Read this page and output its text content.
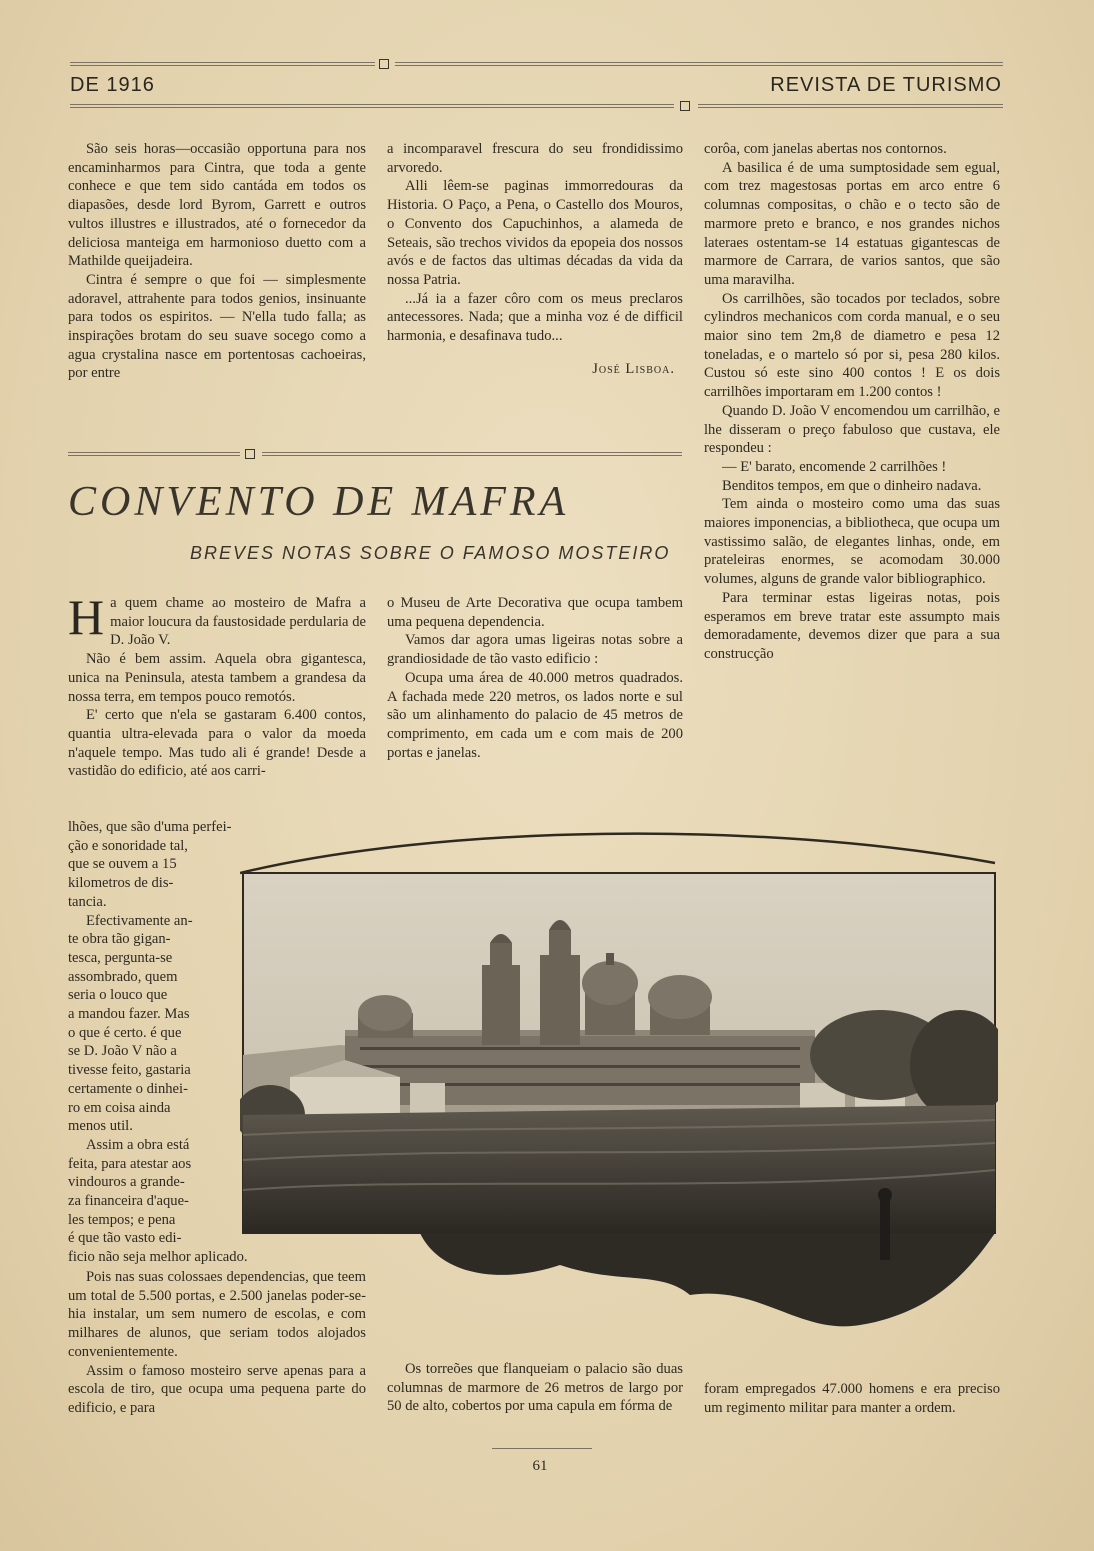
DE 1916	REVISTA DE TURISMO

São seis horas—occasião opportuna para nos encaminharmos para Cintra, que toda a gente conhece e que tem sido cantáda em todos os diapasões, desde lord Byrom, Garrett e outros vultos illustres e illustrados, até o fornecedor da deliciosa manteiga em harmonioso duetto com a Mathilde queijadeira.

Cintra é sempre o que foi — simplesmente adoravel, attrahente para todos genios, insinuante para todos os espiritos. — N'ella tudo falla; as inspirações brotam do seu suave socego como a agua crystalina nasce em portentosas cachoeiras, por entre

a incomparavel frescura do seu frondidissimo arvoredo.

Alli lêem-se paginas immorredouras da Historia. O Paço, a Pena, o Castello dos Mouros, o Convento dos Capuchinhos, a alameda de Seteais, são trechos vividos da epopeia dos nossos avós e de factos das ultimas décadas da vida da nossa Patria.

...Já ia a fazer côro com os meus preclaros antecessores. Nada; que a minha voz é de difficil harmonia, e desafinava tudo...

José Lisboa.

CONVENTO DE MAFRA
BREVES NOTAS SOBRE O FAMOSO MOSTEIRO

Ha quem chame ao mosteiro de Mafra a maior loucura da faustosidade perdularia de D. João V.

Não é bem assim. Aquela obra gigantesca, unica na Peninsula, atesta tambem a grandesa da nossa terra, em tempos pouco remotós.

E' certo que n'ela se gastaram 6.400 contos, quantia ultra-elevada para o valor da moeda n'aquele tempo. Mas tudo ali é grande! Desde a vastidão do edificio, até aos carri-

lhões, que são d'uma perfei-
ção e sonoridade tal,
que se ouvem a 15
kilometros de dis-
tancia.
Efectivamente an-
te obra tão gigan-
tesca, pergunta-se
assombrado, quem
seria o louco que
a mandou fazer. Mas
o que é certo. é que
se D. João V não a
tivesse feito, gastaria
certamente o dinhei-
ro em coisa ainda
menos util.
Assim a obra está
feita, para atestar aos
vindouros a grande-
za financeira d'aque-
les tempos; e pena
é que tão vasto edi-
ficio não seja melhor aplicado.

Pois nas suas colossaes dependencias, que teem um total de 5.500 portas, e 2.500 janelas poder-se-hia instalar, um sem numero de escolas, e com milhares de alunos, que seriam todos alojados convenientemente.

Assim o famoso mosteiro serve apenas para a escola de tiro, que ocupa uma pequena parte do edificio, e para

o Museu de Arte Decorativa que ocupa tambem uma pequena dependencia.

Vamos dar agora umas ligeiras notas sobre a grandiosidade de tão vasto edificio :

Ocupa uma área de 40.000 metros quadrados. A fachada mede 220 metros, os lados norte e sul são um alinhamento do palacio de 45 metros de comprimento, em cada um e com mais de 200 portas e janelas.

Os torreões que flanqueiam o palacio são duas columnas de marmore de 26 metros de largo por 50 de alto, cobertos por uma capula em fórma de

corôa, com janelas abertas nos contornos.

A basilica é de uma sumptosidade sem egual, com trez magestosas portas em arco entre 6 columnas compositas, o chão e o tecto são de marmore preto e branco, e nos grandes nichos lateraes ostentam-se 14 estatuas gigantescas de marmore de Carrara, de varios santos, que são uma maravilha.

Os carrilhões, são tocados por teclados, sobre cylindros mechanicos com corda manual, e o seu maior sino tem 2m,8 de diametro e pesa 12 toneladas, e o martelo só por si, pesa 280 kilos. Custou só este sino 400 contos ! E os dois carrilhões importaram em 1.200 contos !

Quando D. João V encomendou um carrilhão, e lhe disseram o preço fabuloso que custava, ele respondeu :

— E' barato, encomende 2 carrilhões !

Benditos tempos, em que o dinheiro nadava.

Tem ainda o mosteiro como uma das suas maiores imponencias, a bibliotheca, que ocupa um vastissimo salão, de elegantes linhas, onde, em prateleiras enormes, se acomodam 30.000 volumes, alguns de grande valor bibliographico.

Para terminar estas ligeiras notas, pois esperamos em breve tratar este assumpto mais demoradamente, devemos dizer que para a sua construcção

foram empregados 47.000 homens e era preciso um regimento militar para manter a ordem.

61
